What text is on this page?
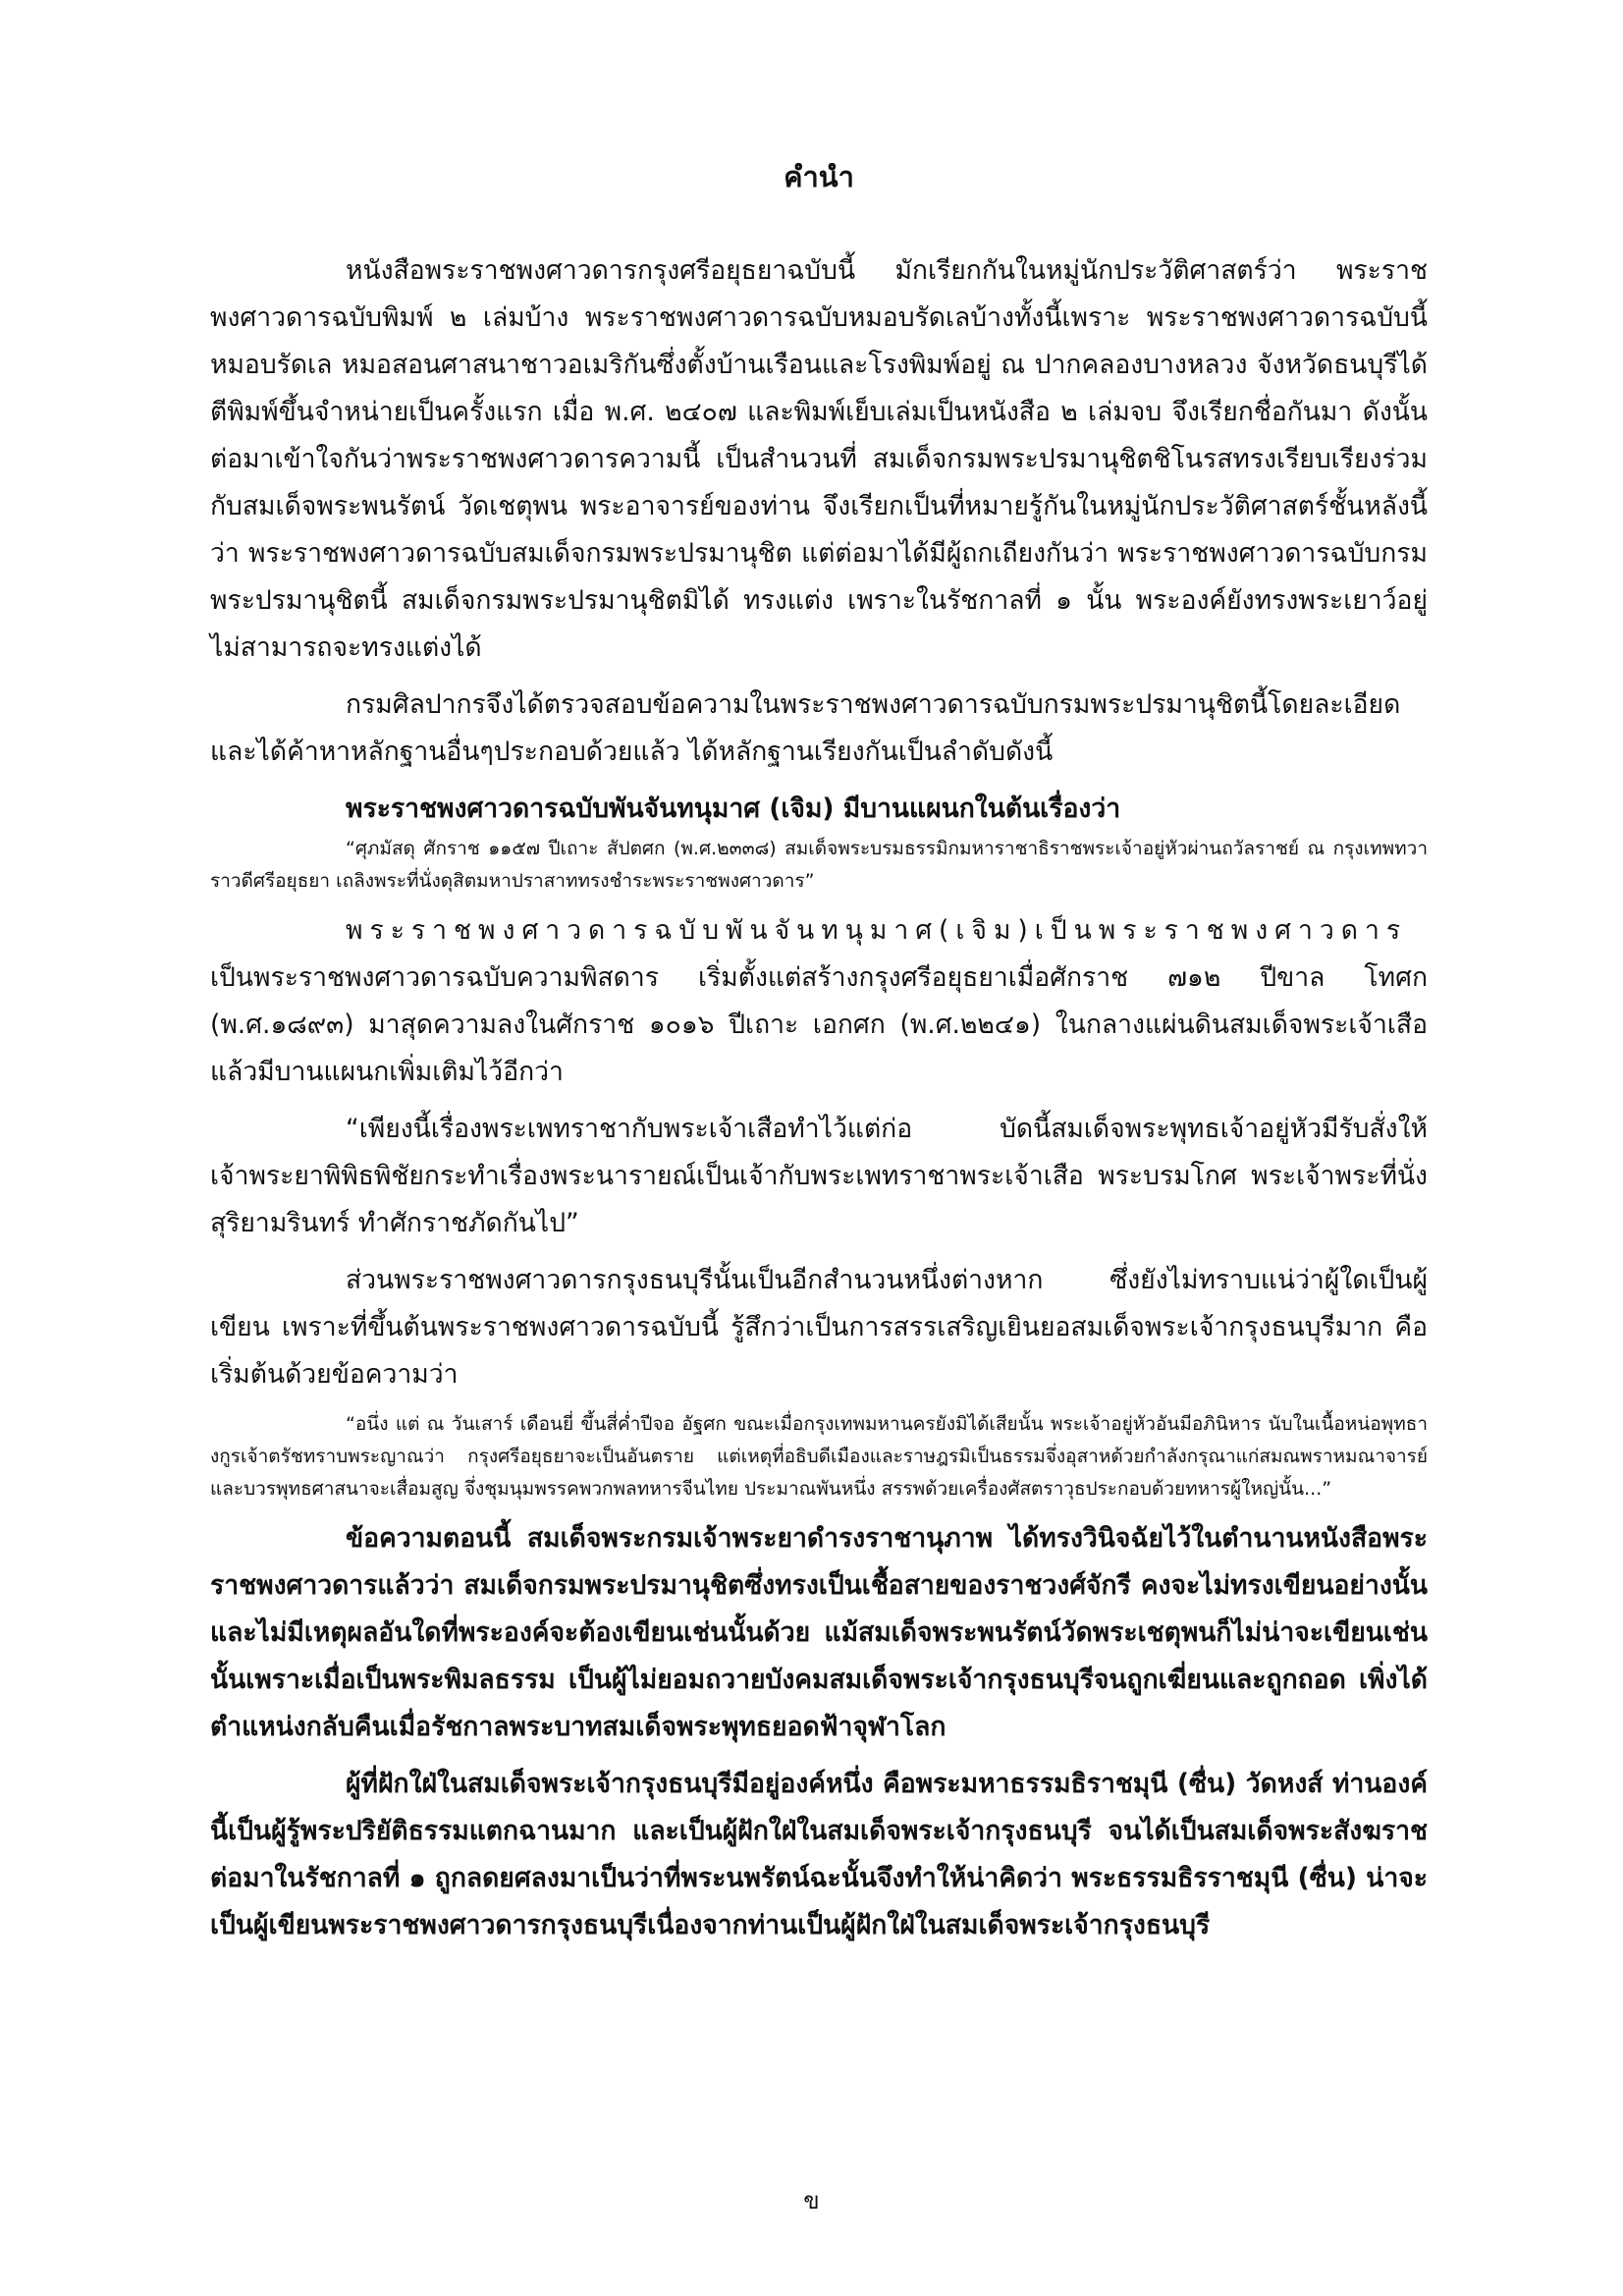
คำนำ

หนังสือพระราชพงศาวดารกรุงศรีอยุธยาฉบับนี้ มักเรียกกันในหมู่นักประวัติศาสตร์ว่า พระราชพงศาวดารฉบับพิมพ์ ๒ เล่มบ้าง พระราชพงศาวดารฉบับหมอบรัดเลบ้างทั้งนี้เพราะ พระราชพงศาวดารฉบับนี้ หมอบรัดเล หมอสอนศาสนาชาวอเมริกันซึ่งตั้งบ้านเรือนและโรงพิมพ์อยู่ ณ ปากคลองบางหลวง จังหวัดธนบุรีได้ตีพิมพ์ขึ้นจำหน่ายเป็นครั้งแรก เมื่อ พ.ศ. ๒๔๐๗ และพิมพ์เย็บเล่มเป็นหนังสือ ๒ เล่มจบ จึงเรียกชื่อกันมา ดังนั้น ต่อมาเข้าใจกันว่าพระราชพงศาวดารความนี้ เป็นสำนวนที่ สมเด็จกรมพระปรมานุชิตชิโนรสทรงเรียบเรียงร่วมกับสมเด็จพระพนรัตน์ วัดเชตุพน พระอาจารย์ของท่าน จึงเรียกเป็นที่หมายรู้กันในหมู่นักประวัติศาสตร์ชั้นหลังนี้ว่า พระราชพงศาวดารฉบับสมเด็จกรมพระปรมานุชิต แต่ต่อมาได้มีผู้ถกเถียงกันว่า พระราชพงศาวดารฉบับกรมพระปรมานุชิตนี้ สมเด็จกรมพระปรมานุชิตมิได้ ทรงแต่ง เพราะในรัชกาลที่ ๑ นั้น พระองค์ยังทรงพระเยาว์อยู่ ไม่สามารถจะทรงแต่งได้

กรมศิลปากรจึงได้ตรวจสอบข้อความในพระราชพงศาวดารฉบับกรมพระปรมานุชิตนี้โดยละเอียด และได้ค้าหาหลักฐานอื่นๆประกอบด้วยแล้ว ได้หลักฐานเรียงกันเป็นลำดับดังนี้

พระราชพงศาวดารฉบับพันจันทนุมาศ (เจิม) มีบานแผนกในต้นเรื่องว่า

“ศุภมัสดุ ศักราช ๑๑๕๗ ปีเถาะ สัปตศก (พ.ศ.๒๓๓๘) สมเด็จพระบรมธรรมิกมหาราชาธิราชพระเจ้าอยู่หัวผ่านถวัลราชย์ ณ กรุงเทพทวาราวดีศรีอยุธยา เถลิงพระที่นั่งดุสิตมหาปราสาททรงชำระพระราชพงศาวดาร”

พระราชพงศาวดารฉบับพันจันทนุมาศ(เจิม)เป็นพระราชพงศาวดาร เป็นพระราชพงศาวดารฉบับความพิสดาร เริ่มตั้งแต่สร้างกรุงศรีอยุธยาเมื่อศักราช ๗๑๒ ปีขาล โทศก (พ.ศ.๑๘๙๓) มาสุดความลงในศักราช ๑๐๑๖ ปีเถาะ เอกศก (พ.ศ.๒๒๔๑) ในกลางแผ่นดินสมเด็จพระเจ้าเสือ แล้วมีบานแผนกเพิ่มเติมไว้อีกว่า

“เพียงนี้เรื่องพระเพทราชากับพระเจ้าเสือทำไว้แต่ก่อ บัดนี้สมเด็จพระพุทธเจ้าอยู่หัวมีรับสั่งให้เจ้าพระยาพิพิธพิชัยกระทำเรื่องพระนารายณ์เป็นเจ้ากับพระเพทราชาพระเจ้าเสือ พระบรมโกศ พระเจ้าพระที่นั่งสุริยามรินทร์ ทำศักราชภัดกันไป”

ส่วนพระราชพงศาวดารกรุงธนบุรีนั้นเป็นอีกสำนวนหนึ่งต่างหาก ซึ่งยังไม่ทราบแน่ว่าผู้ใดเป็นผู้เขียน เพราะที่ขึ้นต้นพระราชพงศาวดารฉบับนี้ รู้สึกว่าเป็นการสรรเสริญเยินยอสมเด็จพระเจ้ากรุงธนบุรีมาก คือเริ่มต้นด้วยข้อความว่า

“อนึ่ง แต่ ณ วันเสาร์ เดือนยี่ ขึ้นสี่ค่ำปีจอ อัฐศก ขณะเมื่อกรุงเทพมหานครยังมิได้เสียนั้น พระเจ้าอยู่หัวอันมีอภินิหาร นับในเนื้อหน่อพุทธางกูรเจ้าตรัชทราบพระญาณว่า กรุงศรีอยุธยาจะเป็นอันตราย แต่เหตุที่อธิบดีเมืองและราษฎรมิเป็นธรรมจึ่งอุสาหด้วยกำลังกรุณาแก่สมณพราหมณาจารย์ และบวรพุทธศาสนาจะเสื่อมสูญ จึ่งชุมนุมพรรคพวกพลทหารจีนไทย ประมาณพันหนึ่ง สรรพด้วยเครื่องศัสตราวุธประกอบด้วยทหารผู้ใหญ่นั้น...”

ข้อความตอนนี้ สมเด็จพระกรมเจ้าพระยาดำรงราชานุภาพ ได้ทรงวินิจฉัยไว้ในตำนานหนังสือพระราชพงศาวดารแล้วว่า สมเด็จกรมพระปรมานุชิตซึ่งทรงเป็นเชื้อสายของราชวงศ์จักรี คงจะไม่ทรงเขียนอย่างนั้น และไม่มีเหตุผลอันใดที่พระองค์จะต้องเขียนเช่นนั้นด้วย แม้สมเด็จพระพนรัตน์วัดพระเชตุพนก็ไม่น่าจะเขียนเช่นนั้นเพราะเมื่อเป็นพระพิมลธรรม เป็นผู้ไม่ยอมถวายบังคมสมเด็จพระเจ้ากรุงธนบุรีจนถูกเฆี่ยนและถูกถอด เพิ่งได้ตำแหน่งกลับคืนเมื่อรัชกาลพระบาทสมเด็จพระพุทธยอดฟ้าจุฬาโลก

ผู้ที่ฝักใฝ่ในสมเด็จพระเจ้ากรุงธนบุรีมีอยู่องค์หนึ่ง คือพระมหาธรรมธิราชมุนี (ซื่น) วัดหงส์ ท่านองค์นี้เป็นผู้รู้พระปริยัติธรรมแตกฉานมาก และเป็นผู้ฝักใฝ่ในสมเด็จพระเจ้ากรุงธนบุรี จนได้เป็นสมเด็จพระสังฆราช ต่อมาในรัชกาลที่ ๑ ถูกลดยศลงมาเป็นว่าที่พระนพรัตน์ฉะนั้นจึงทำให้น่าคิดว่า พระธรรมธิรราชมุนี (ซื่น) น่าจะเป็นผู้เขียนพระราชพงศาวดารกรุงธนบุรีเนื่องจากท่านเป็นผู้ฝักใฝ่ในสมเด็จพระเจ้ากรุงธนบุรี

ข
